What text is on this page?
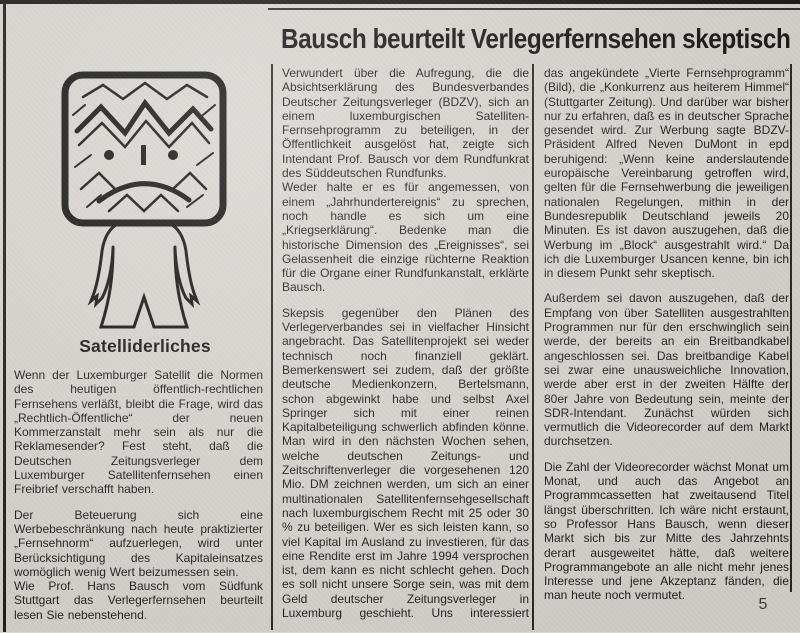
Satelliderliches
Bausch beurteilt Verlegerfernsehen skeptisch

Wenn der Luxemburger Satellit die Normen des heutigen öffentlich-rechtlichen Fernsehens verläßt, bleibt die Frage, wird das „Rechtlich-Öffentliche“ der neuen Kommerzanstalt mehr sein als nur die Reklamesender? Fest steht, daß die Deutschen Zeitungsverleger dem Luxemburger Satellitenfernsehen einen Freibrief verschafft haben.

Der Beteuerung sich eine Werbebeschränkung nach heute praktizierter „Fernsehnorm“ aufzuerlegen, wird unter Berücksichtigung des Kapitaleinsatzes womöglich wenig Wert beizumessen sein.

Wie Prof. Hans Bausch vom Südfunk Stuttgart das Verlegerfernsehen beurteilt lesen Sie nebenstehend.

Verwundert über die Aufregung, die die Absichtserklärung des Bundesverbandes Deutscher Zeitungsverleger (BDZV), sich an einem luxemburgischen Satelliten-Fernsehprogramm zu beteiligen, in der Öffentlichkeit ausgelöst hat, zeigte sich Intendant Prof. Bausch vor dem Rundfunkrat des Süddeutschen Rundfunks.

Weder halte er es für angemessen, von einem „Jahrhundertereignis“ zu sprechen, noch handle es sich um eine „Kriegserklärung“. Bedenke man die historische Dimension des „Ereignisses“, sei Gelassenheit die einzige rüchterne Reaktion für die Organe einer Rundfunkanstalt, erklärte Bausch.

Skepsis gegenüber den Plänen des Verlegerverbandes sei in vielfacher Hinsicht angebracht. Das Satellitenprojekt sei weder technisch noch finanziell geklärt. Bemerkenswert sei zudem, daß der größte deutsche Medienkonzern, Bertelsmann, schon abgewinkt habe und selbst Axel Springer sich mit einer reinen Kapitalbeteiligung schwerlich abfinden könne. Man wird in den nächsten Wochen sehen, welche deutschen Zeitungs- und Zeitschriftenverleger die vorgesehenen 120 Mio. DM zeichnen werden, um sich an einer multinationalen Satellitenfernsehgesellschaft nach luxemburgischem Recht mit 25 oder 30 % zu beteiligen. Wer es sich leisten kann, so viel Kapital im Ausland zu investieren, für das eine Rendite erst im Jahre 1994 versprochen ist, dem kann es nicht schlecht gehen. Doch es soll nicht unsere Sorge sein, was mit dem Geld deutscher Zeitungsverleger in Luxemburg geschieht. Uns interessiert

das angekündete „Vierte Fernsehprogramm“ (Bild), die „Konkurrenz aus heiterem Himmel“ (Stuttgarter Zeitung). Und darüber war bisher nur zu erfahren, daß es in deutscher Sprache gesendet wird. Zur Werbung sagte BDZV-Präsident Alfred Neven DuMont in epd beruhigend: „Wenn keine anderslautende europäische Vereinbarung getroffen wird, gelten für die Fernsehwerbung die jeweiligen nationalen Regelungen, mithin in der Bundesrepublik Deutschland jeweils 20 Minuten. Es ist davon auszugehen, daß die Werbung im „Block“ ausgestrahlt wird.“ Da ich die Luxemburger Usancen kenne, bin ich in diesem Punkt sehr skeptisch.

Außerdem sei davon auszugehen, daß der Empfang von über Satelliten ausgestrahlten Programmen nur für den erschwinglich sein werde, der bereits an ein Breitbandkabel angeschlossen sei. Das breitbandige Kabel sei zwar eine unausweichliche Innovation, werde aber erst in der zweiten Hälfte der 80er Jahre von Bedeutung sein, meinte der SDR-Intendant. Zunächst würden sich vermutlich die Videorecorder auf dem Markt durchsetzen.

Die Zahl der Videorecorder wächst Monat um Monat, und auch das Angebot an Programmcassetten hat zweitausend Titel längst überschritten. Ich wäre nicht erstaunt, so Professor Hans Bausch, wenn dieser Markt sich bis zur Mitte des Jahrzehnts derart ausgeweitet hätte, daß weitere Programmangebote an alle nicht mehr jenes Interesse und jene Akzeptanz fänden, die man heute noch vermutet.

5
